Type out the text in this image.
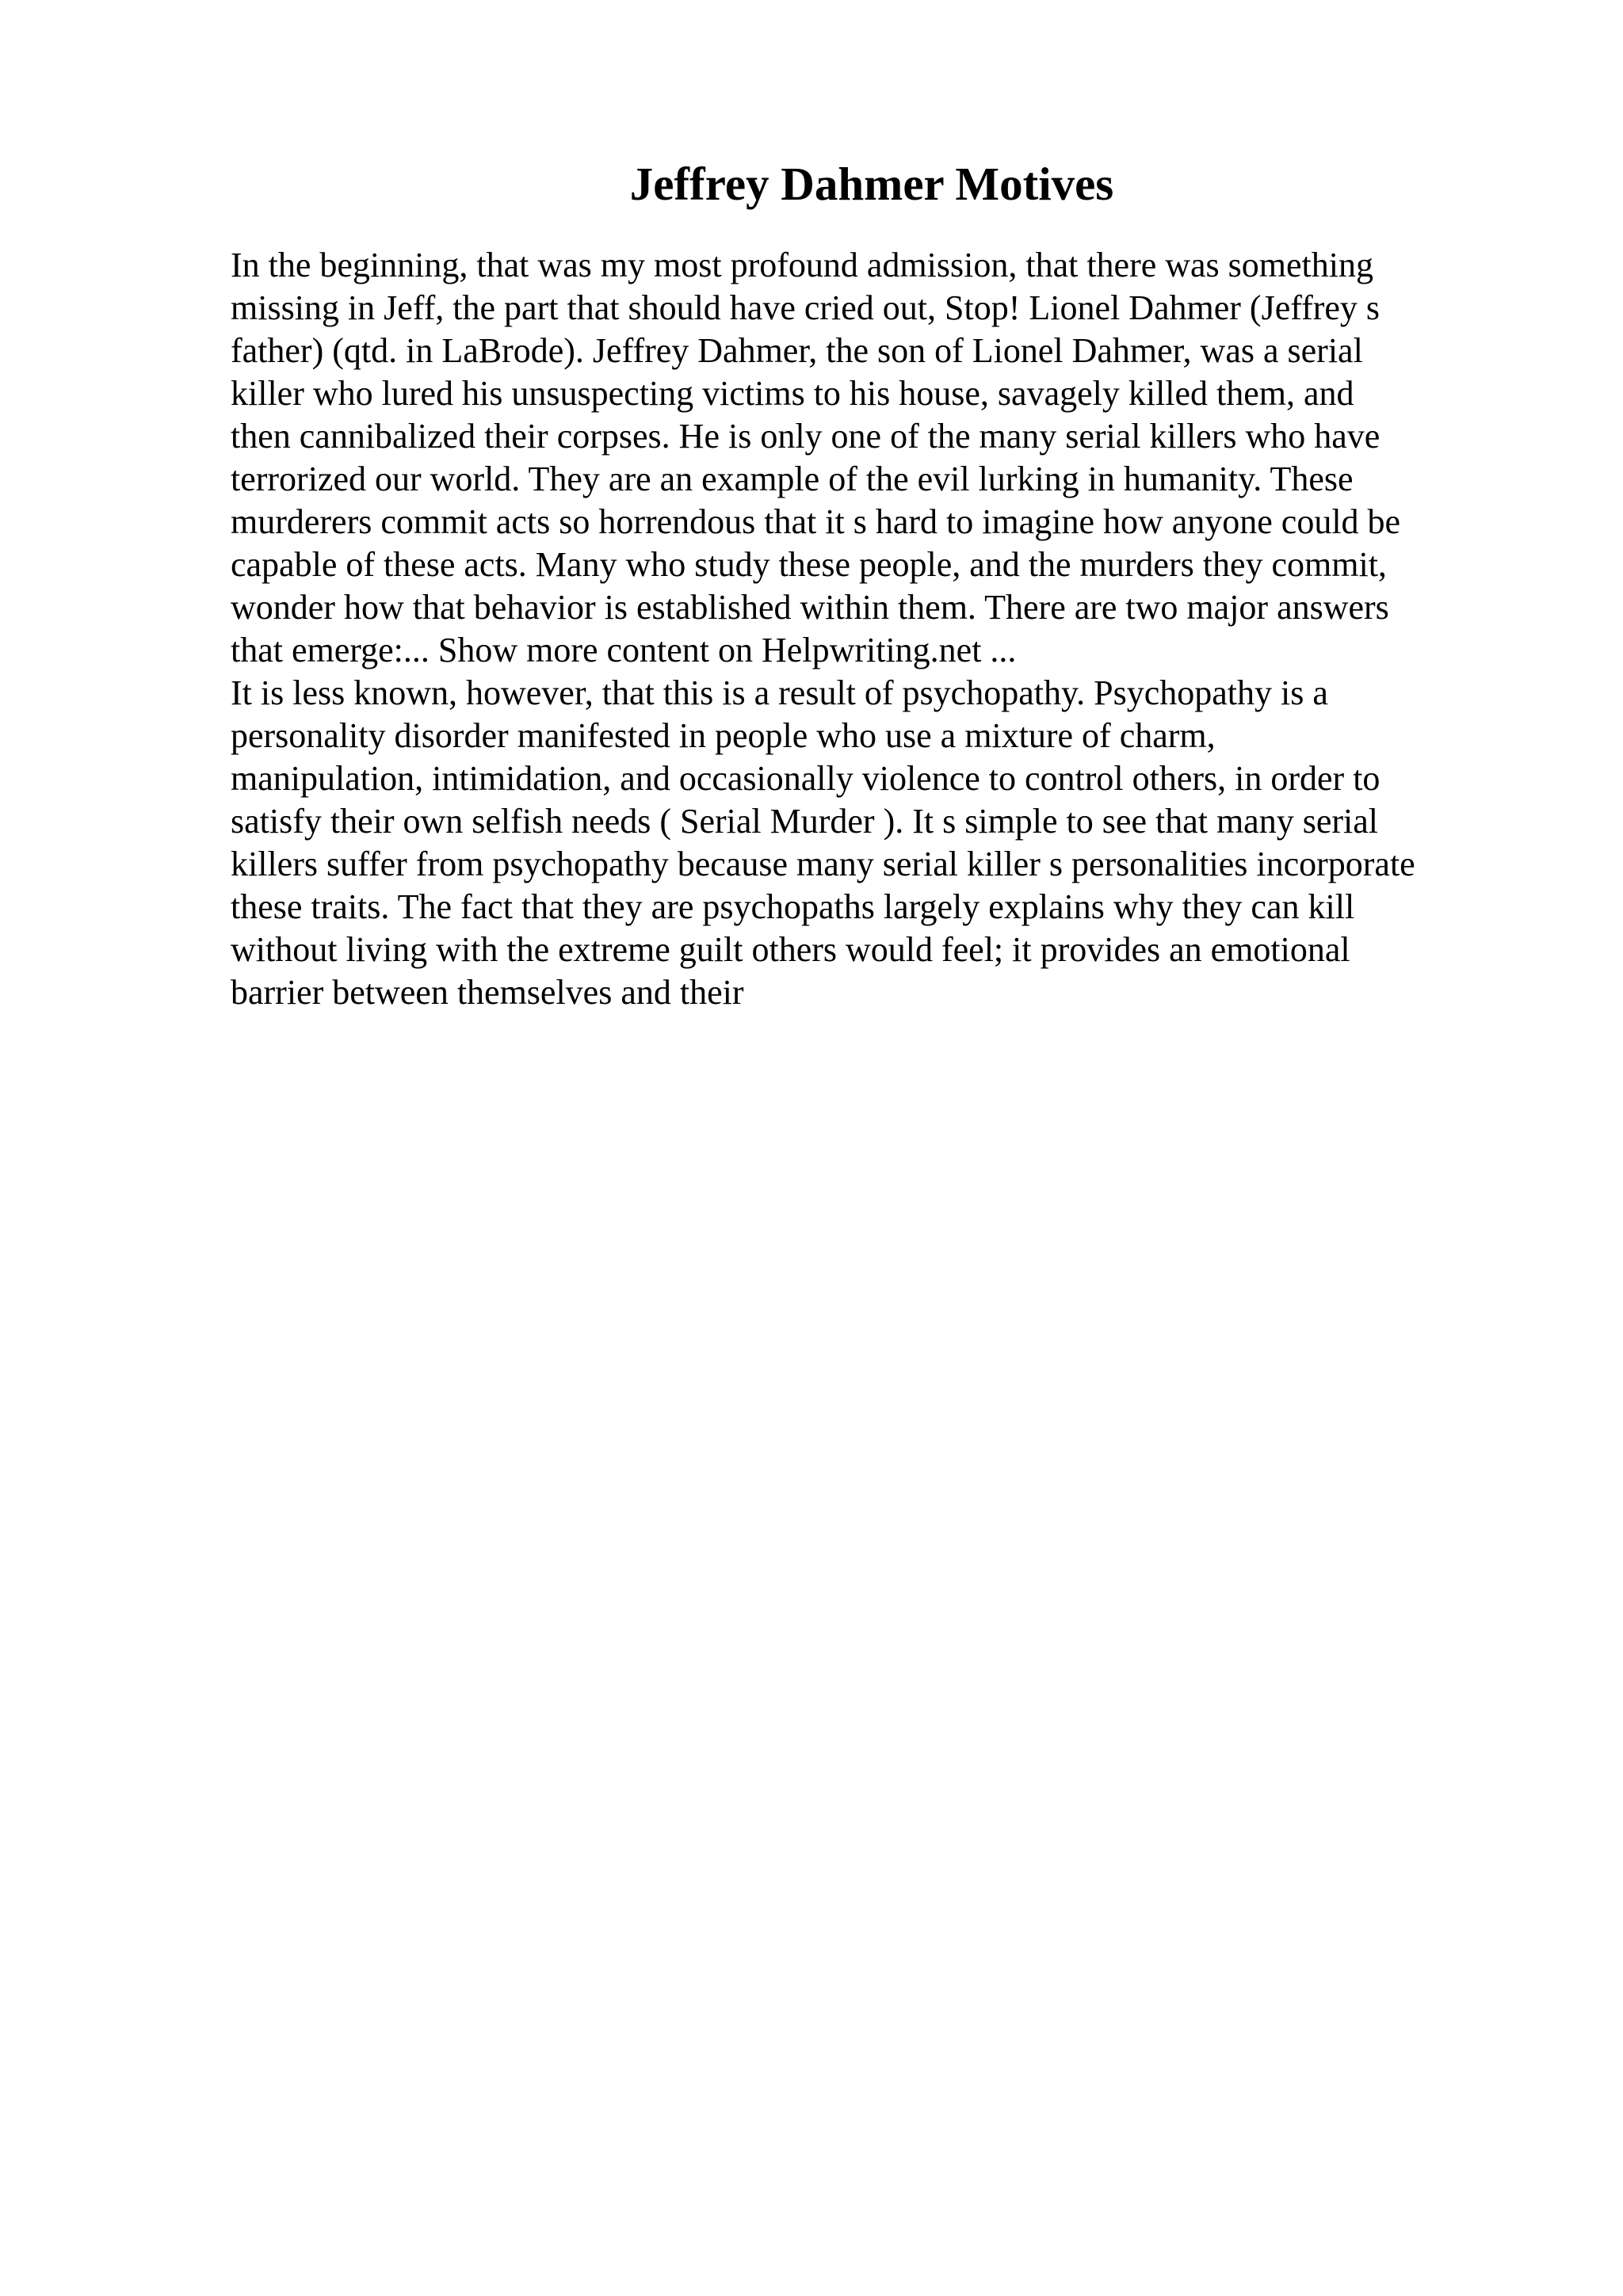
Jeffrey Dahmer Motives
In the beginning, that was my most profound admission, that there was something
missing in Jeff, the part that should have cried out, Stop! Lionel Dahmer (Jeffrey s
father) (qtd. in LaBrode). Jeffrey Dahmer, the son of Lionel Dahmer, was a serial
killer who lured his unsuspecting victims to his house, savagely killed them, and
then cannibalized their corpses. He is only one of the many serial killers who have
terrorized our world. They are an example of the evil lurking in humanity. These
murderers commit acts so horrendous that it s hard to imagine how anyone could be
capable of these acts. Many who study these people, and the murders they commit,
wonder how that behavior is established within them. There are two major answers
that emerge:... Show more content on Helpwriting.net ...
It is less known, however, that this is a result of psychopathy. Psychopathy is a
personality disorder manifested in people who use a mixture of charm,
manipulation, intimidation, and occasionally violence to control others, in order to
satisfy their own selfish needs ( Serial Murder ). It s simple to see that many serial
killers suffer from psychopathy because many serial killer s personalities incorporate
these traits. The fact that they are psychopaths largely explains why they can kill
without living with the extreme guilt others would feel; it provides an emotional
barrier between themselves and their
